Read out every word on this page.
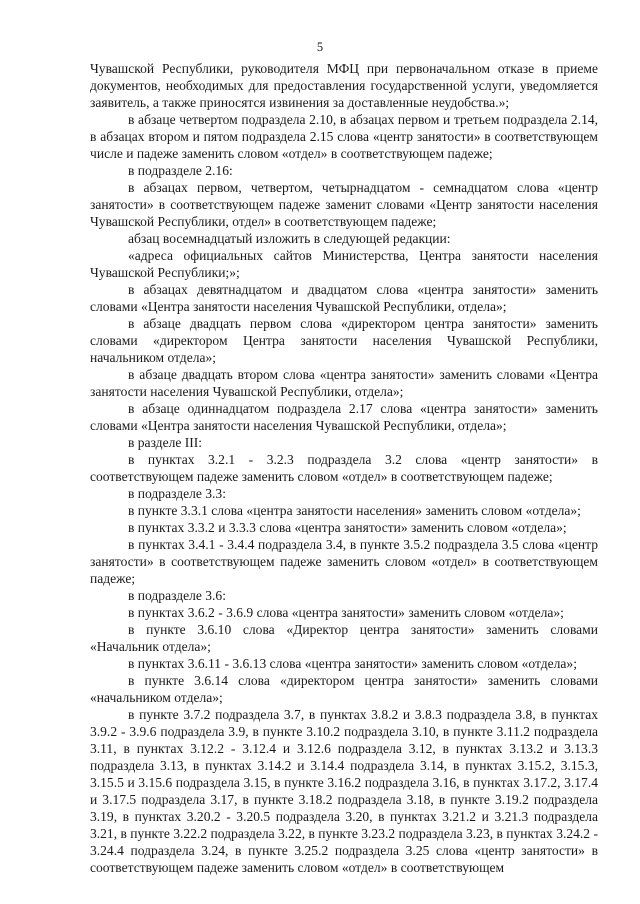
5

Чувашской Республики, руководителя МФЦ при первоначальном отказе в приеме документов, необходимых для предоставления государственной услуги, уведомляется заявитель, а также приносятся извинения за доставленные неудобства.»;

в абзаце четвертом подраздела 2.10, в абзацах первом и третьем подраздела 2.14, в абзацах втором и пятом подраздела 2.15 слова «центр занятости» в соответствующем числе и падеже заменить словом «отдел» в соответствующем падеже;

в подразделе 2.16:

в абзацах первом, четвертом, четырнадцатом - семнадцатом слова «центр занятости» в соответствующем падеже заменит словами «Центр занятости населения Чувашской Республики, отдел» в соответствующем падеже;

абзац восемнадцатый изложить в следующей редакции:

«адреса официальных сайтов Министерства, Центра занятости населения Чувашской Республики;»;

в абзацах девятнадцатом и двадцатом слова «центра занятости» заменить словами «Центра занятости населения Чувашской Республики, отдела»;

в абзаце двадцать первом слова «директором центра занятости» заменить словами «директором Центра занятости населения Чувашской Республики, начальником отдела»;

в абзаце двадцать втором слова «центра занятости» заменить словами «Центра занятости населения Чувашской Республики, отдела»;

в абзаце одиннадцатом подраздела 2.17 слова «центра занятости» заменить словами «Центра занятости населения Чувашской Республики, отдела»;

в разделе III:

в пунктах 3.2.1 - 3.2.3 подраздела 3.2 слова «центр занятости» в соответствующем падеже заменить словом «отдел» в соответствующем падеже;

в подразделе 3.3:

в пункте 3.3.1 слова «центра занятости населения» заменить словом «отдела»;

в пунктах 3.3.2 и 3.3.3 слова «центра занятости» заменить словом «отдела»;

в пунктах 3.4.1 - 3.4.4 подраздела 3.4, в пункте 3.5.2 подраздела 3.5 слова «центр занятости» в соответствующем падеже заменить словом «отдел» в соответствующем падеже;

в подразделе 3.6:

в пунктах 3.6.2 - 3.6.9 слова «центра занятости» заменить словом «отдела»;

в пункте 3.6.10 слова «Директор центра занятости» заменить словами «Начальник отдела»;

в пунктах 3.6.11 - 3.6.13 слова «центра занятости» заменить словом «отдела»;

в пункте 3.6.14 слова «директором центра занятости» заменить словами «начальником отдела»;

в пункте 3.7.2 подраздела 3.7, в пунктах 3.8.2 и 3.8.3 подраздела 3.8, в пунктах 3.9.2 - 3.9.6 подраздела 3.9, в пункте 3.10.2 подраздела 3.10, в пункте 3.11.2 подраздела 3.11, в пунктах 3.12.2 - 3.12.4 и 3.12.6 подраздела 3.12, в пунктах 3.13.2 и 3.13.3 подраздела 3.13, в пунктах 3.14.2 и 3.14.4 подраздела 3.14, в пунктах 3.15.2, 3.15.3, 3.15.5 и 3.15.6 подраздела 3.15, в пункте 3.16.2 подраздела 3.16, в пунктах 3.17.2, 3.17.4 и 3.17.5 подраздела 3.17, в пункте 3.18.2 подраздела 3.18, в пункте 3.19.2 подраздела 3.19, в пунктах 3.20.2 - 3.20.5 подраздела 3.20, в пунктах 3.21.2 и 3.21.3 подраздела 3.21, в пункте 3.22.2 подраздела 3.22, в пункте 3.23.2 подраздела 3.23, в пунктах 3.24.2 - 3.24.4 подраздела 3.24, в пункте 3.25.2 подраздела 3.25 слова «центр занятости» в соответствующем падеже заменить словом «отдел» в соответствующем
